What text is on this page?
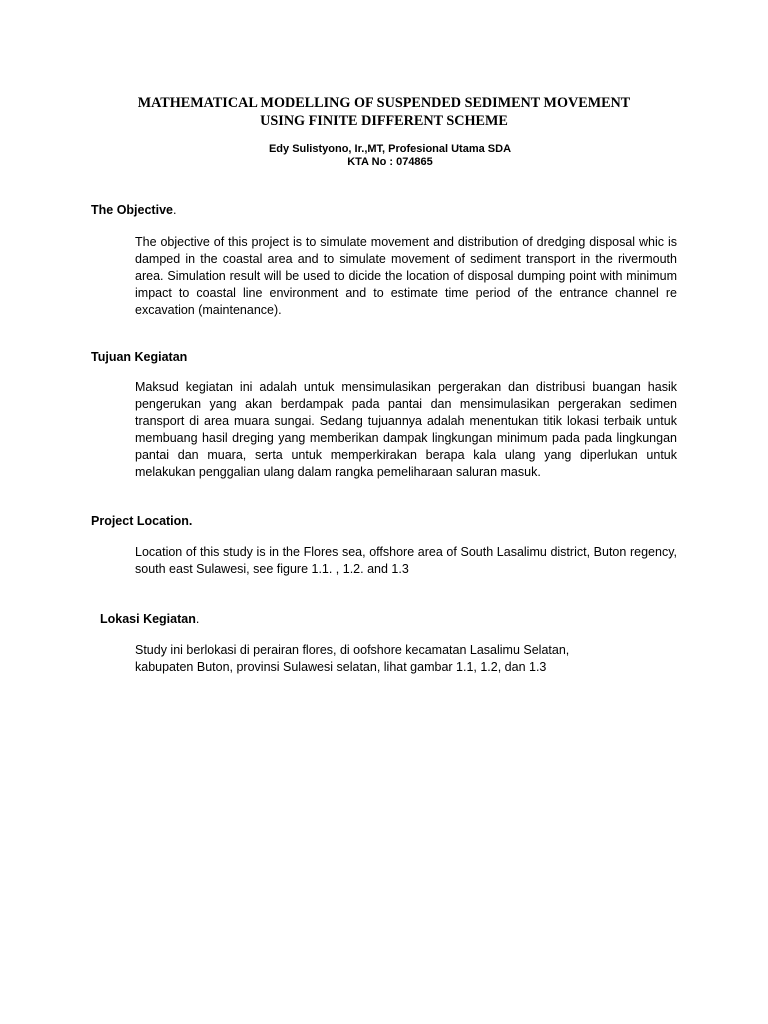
MATHEMATICAL MODELLING OF SUSPENDED SEDIMENT MOVEMENT
USING FINITE DIFFERENT SCHEME
Edy Sulistyono, Ir.,MT, Profesional Utama SDA
KTA No : 074865
The Objective.
The objective of this project is to simulate movement and distribution of dredging disposal whic is damped in the coastal area and to simulate movement of sediment transport in the rivermouth area. Simulation result will be used to dicide the location of disposal dumping point with minimum impact to coastal line environment and to estimate time period of the entrance channel re excavation (maintenance).
Tujuan Kegiatan
Maksud kegiatan ini adalah untuk mensimulasikan pergerakan dan distribusi buangan hasik pengerukan yang akan berdampak pada pantai dan mensimulasikan pergerakan sedimen transport di area muara sungai. Sedang tujuannya adalah menentukan titik lokasi terbaik untuk membuang hasil dreging yang memberikan dampak lingkungan minimum pada pada lingkungan pantai dan muara, serta untuk memperkirakan berapa kala ulang yang diperlukan untuk melakukan penggalian ulang dalam rangka pemeliharaan saluran masuk.
Project Location.
Location of this study is in the Flores sea, offshore area of South Lasalimu district, Buton regency, south east Sulawesi, see figure 1.1. , 1.2. and 1.3
Lokasi Kegiatan.
Study ini berlokasi di perairan flores, di oofshore kecamatan Lasalimu Selatan,
kabupaten Buton, provinsi Sulawesi selatan, lihat gambar 1.1, 1.2, dan 1.3
